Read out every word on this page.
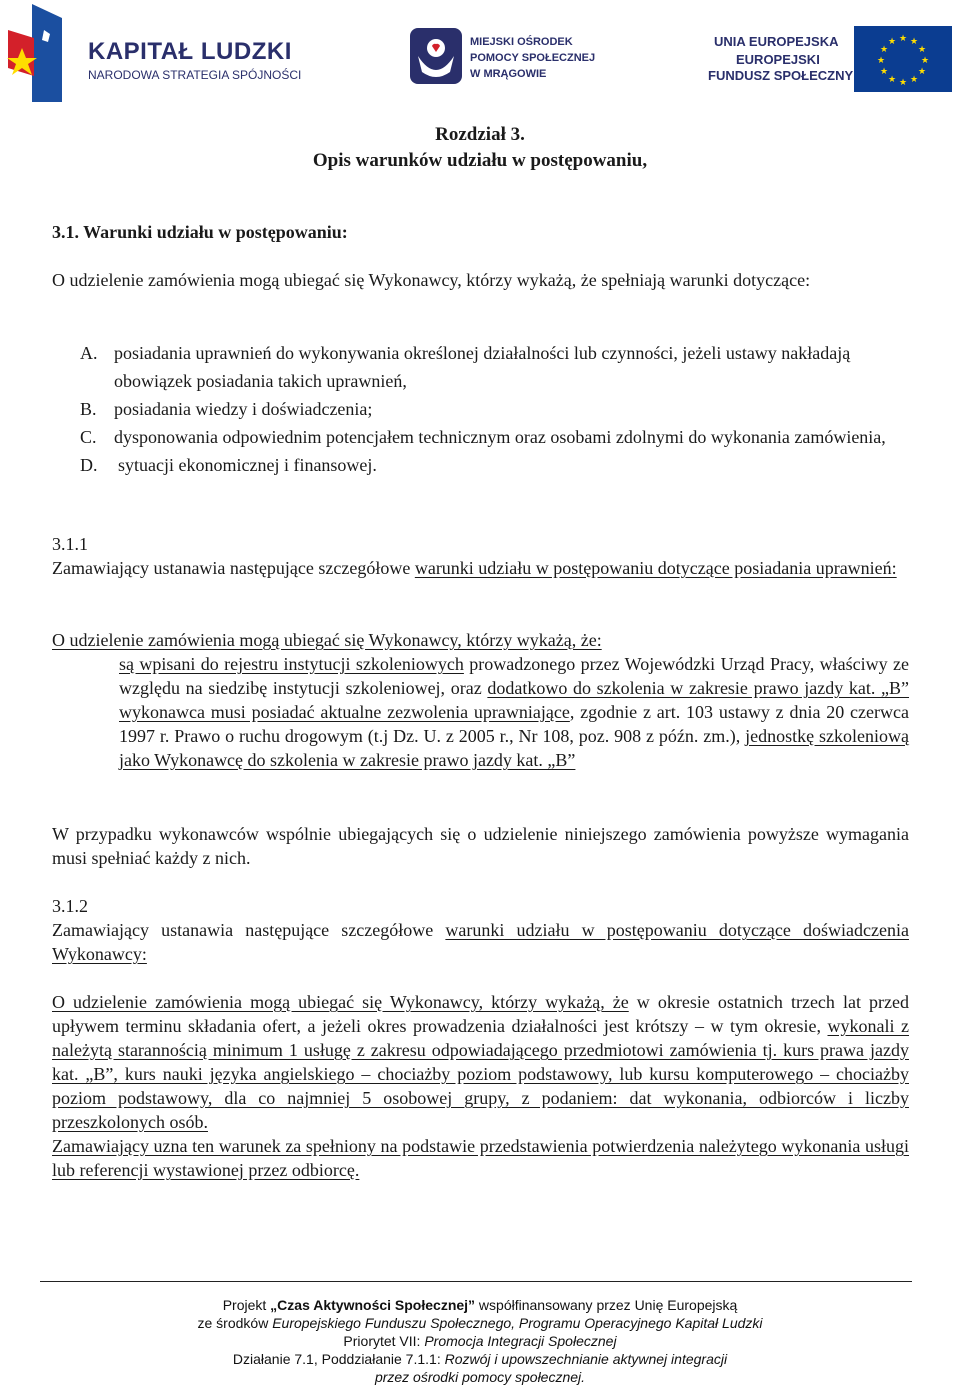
KAPITAŁ LUDZKI
NARODOWA STRATEGIA SPÓJNOŚCI
MIEJSKI OŚRODEK
POMOCY SPOŁECZNEJ
W MRĄGOWIE
UNIA EUROPEJSKA
EUROPEJSKI
FUNDUSZ SPOŁECZNY
★ ★
★
★
★
★
★
★
★
★
★
★
Rozdział 3.
Opis warunków udziału w postępowaniu,
3.1. Warunki udziału w postępowaniu:
O udzielenie zamówienia mogą ubiegać się Wykonawcy, którzy wykażą, że spełniają warunki dotyczące:
A. posiadania uprawnień do wykonywania określonej działalności lub czynności, jeżeli ustawy nakładają obowiązek posiadania takich uprawnień,
B. posiadania wiedzy i doświadczenia;
C. dysponowania odpowiednim potencjałem technicznym oraz osobami zdolnymi do wykonania zamówienia,
D.	sytuacji ekonomicznej i finansowej.
3.1.1
Zamawiający ustanawia następujące szczegółowe warunki udziału w postępowaniu dotyczące posiadania uprawnień:
O udzielenie zamówienia mogą ubiegać się Wykonawcy, którzy wykażą, że:
są wpisani do rejestru instytucji szkoleniowych prowadzonego przez Wojewódzki Urząd Pracy, właściwy ze względu na siedzibę instytucji szkoleniowej, oraz dodatkowo do szkolenia w zakresie prawo jazdy kat. „B” wykonawca musi posiadać aktualne zezwolenia uprawniające, zgodnie z art. 103 ustawy z dnia 20 czerwca 1997 r. Prawo o ruchu drogowym (t.j Dz. U. z 2005 r., Nr 108, poz. 908 z późn. zm.), jednostkę szkoleniową jako Wykonawcę do szkolenia w zakresie prawo jazdy kat. „B”
W przypadku wykonawców wspólnie ubiegających się o udzielenie niniejszego zamówienia powyższe wymagania musi spełniać każdy z nich.
3.1.2
Zamawiający ustanawia następujące szczegółowe warunki udziału w postępowaniu dotyczące doświadczenia Wykonawcy:
O udzielenie zamówienia mogą ubiegać się Wykonawcy, którzy wykażą, że w okresie ostatnich trzech lat przed upływem terminu składania ofert, a jeżeli okres prowadzenia działalności jest krótszy – w tym okresie, wykonali z należytą starannością minimum 1 usługę z zakresu odpowiadającego przedmiotowi zamówienia tj. kurs prawa jazdy kat. „B”, kurs nauki języka angielskiego – chociażby poziom podstawowy, lub kursu komputerowego – chociażby poziom podstawowy, dla co najmniej 5 osobowej grupy, z podaniem: dat wykonania, odbiorców i liczby przeszkolonych osób.
Zamawiający uzna ten warunek za spełniony na podstawie przedstawienia potwierdzenia należytego wykonania usługi lub referencji wystawionej przez odbiorcę.
Projekt „Czas Aktywności Społecznej” współfinansowany przez Unię Europejską
ze środków Europejskiego Funduszu Społecznego, Programu Operacyjnego Kapitał Ludzki
Priorytet VII: Promocja Integracji Społecznej
Działanie 7.1, Poddziałanie 7.1.1: Rozwój i upowszechnianie aktywnej integracji
przez ośrodki pomocy społecznej.
